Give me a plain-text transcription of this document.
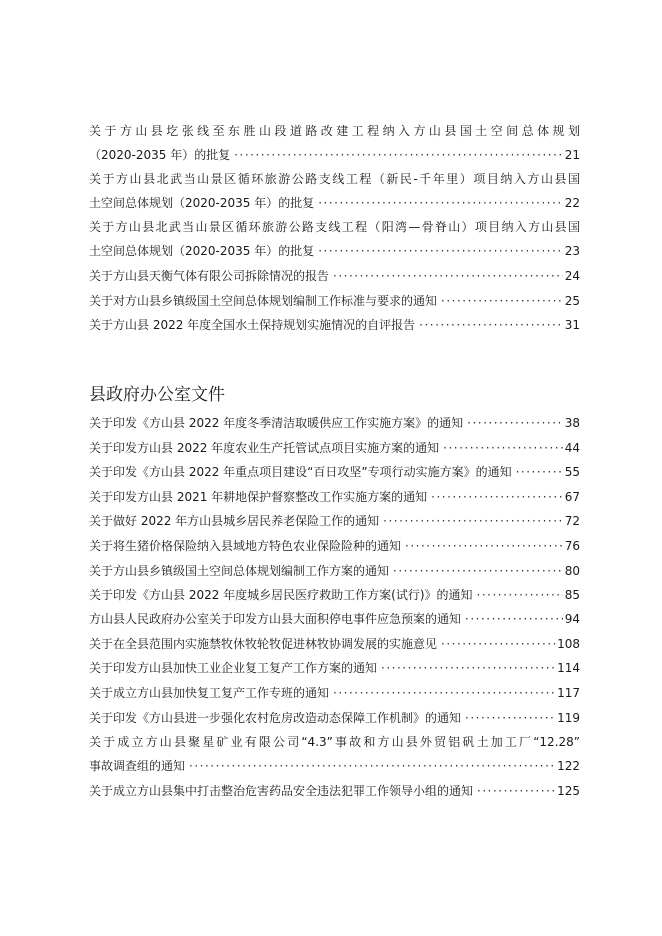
关于方山县圪张线至东胜山段道路改建工程纳入方山县国土空间总体规划
（2020-2035 年）的批复 ·····	21
关于方山县北武当山景区循环旅游公路支线工程（新民-千年里）项目纳入方山县国
土空间总体规划（2020-2035 年）的批复 ·····	22
关于方山县北武当山景区循环旅游公路支线工程（阳湾—骨脊山）项目纳入方山县国
土空间总体规划（2020-2035 年）的批复 ·····	23
关于方山县天衡气体有限公司拆除情况的报告 ·····	24
关于对方山县乡镇级国土空间总体规划编制工作标准与要求的通知 ·····	25
关于方山县 2022 年度全国水土保持规划实施情况的自评报告 ·····	31
县政府办公室文件
关于印发《方山县 2022 年度冬季清洁取暖供应工作实施方案》的通知 ·····	38
关于印发方山县 2022 年度农业生产托管试点项目实施方案的通知 ·····	44
关于印发《方山县 2022 年重点项目建设“百日攻坚”专项行动实施方案》的通知 ·····	55
关于印发方山县 2021 年耕地保护督察整改工作实施方案的通知 ·····	67
关于做好 2022 年方山县城乡居民养老保险工作的通知 ·····	72
关于将生猪价格保险纳入县域地方特色农业保险险种的通知 ·····	76
关于方山县乡镇级国土空间总体规划编制工作方案的通知 ·····	80
关于印发《方山县 2022 年度城乡居民医疗救助工作方案(试行)》的通知 ·····	85
方山县人民政府办公室关于印发方山县大面积停电事件应急预案的通知 ·····	94
关于在全县范围内实施禁牧休牧轮牧促进林牧协调发展的实施意见 ·····	108
关于印发方山县加快工业企业复工复产工作方案的通知 ·····	114
关于成立方山县加快复工复产工作专班的通知 ·····	117
关于印发《方山县进一步强化农村危房改造动态保障工作机制》的通知 ·····	119
关于成立方山县聚星矿业有限公司“4.3”事故和方山县外贸铝矾土加工厂“12.28”
事故调查组的通知 ·····	122
关于成立方山县集中打击整治危害药品安全违法犯罪工作领导小组的通知 ·····	125
